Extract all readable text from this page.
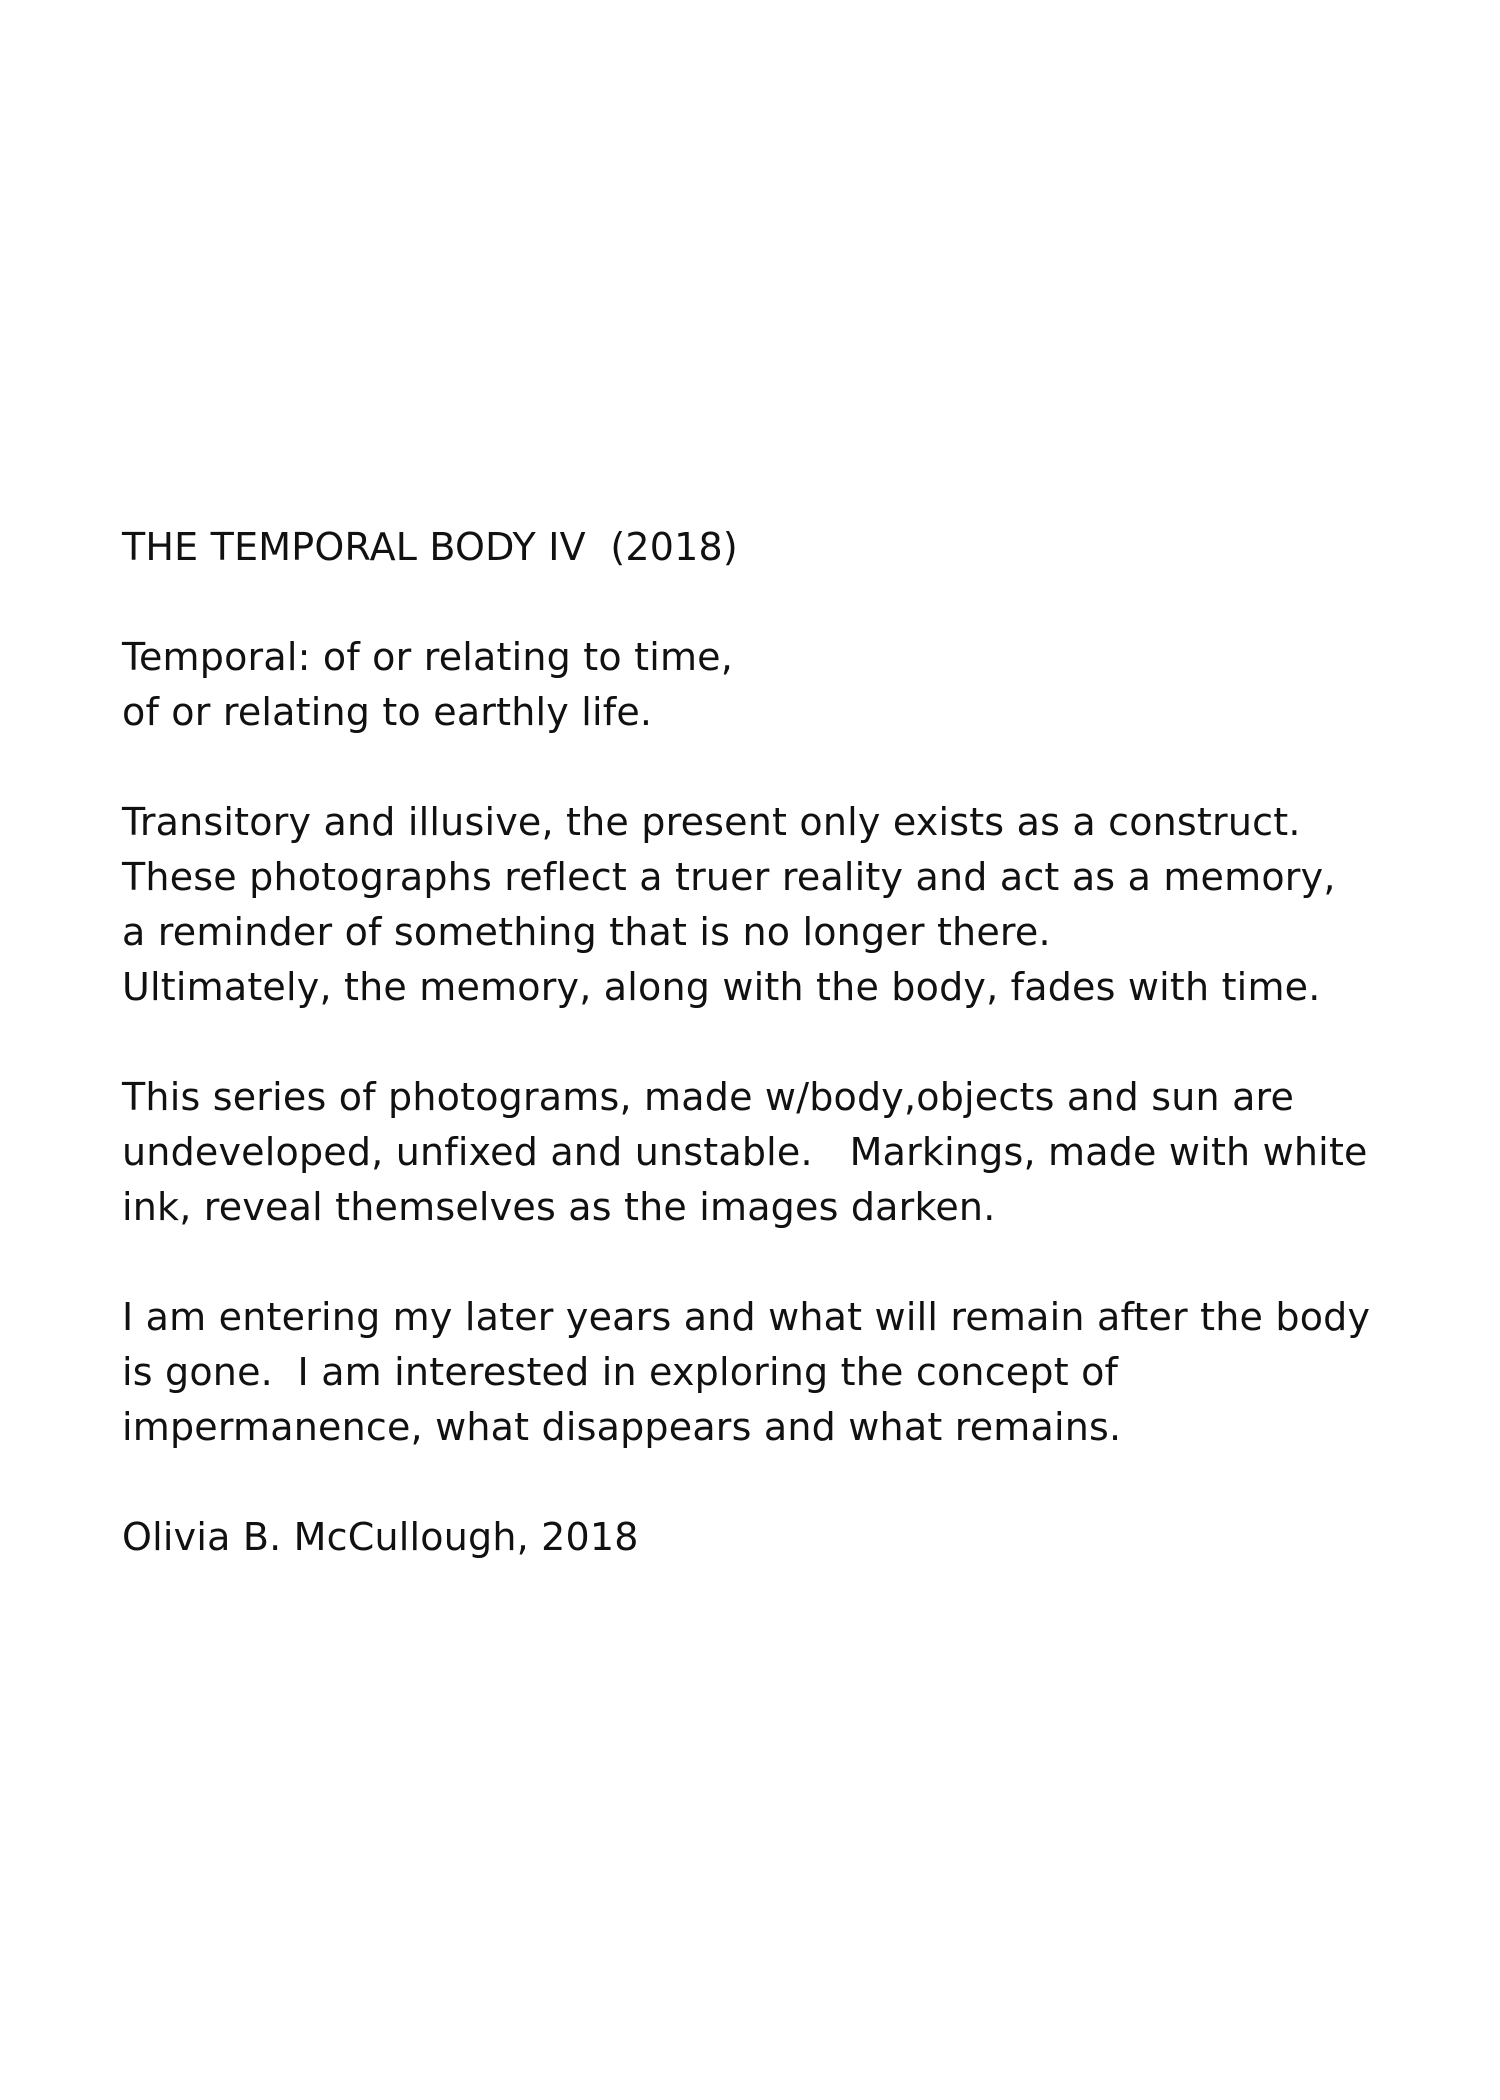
THE TEMPORAL BODY IV  (2018)
Temporal: of or relating to time,
of or relating to earthly life.
Transitory and illusive, the present only exists as a construct.
These photographs reflect a truer reality and act as a memory,
a reminder of something that is no longer there.
Ultimately, the memory, along with the body, fades with time.
This series of photograms, made w/body,objects and sun are
undeveloped, unfixed and unstable.   Markings, made with white
ink, reveal themselves as the images darken.
I am entering my later years and what will remain after the body
is gone.  I am interested in exploring the concept of
impermanence, what disappears and what remains.
Olivia B. McCullough, 2018
